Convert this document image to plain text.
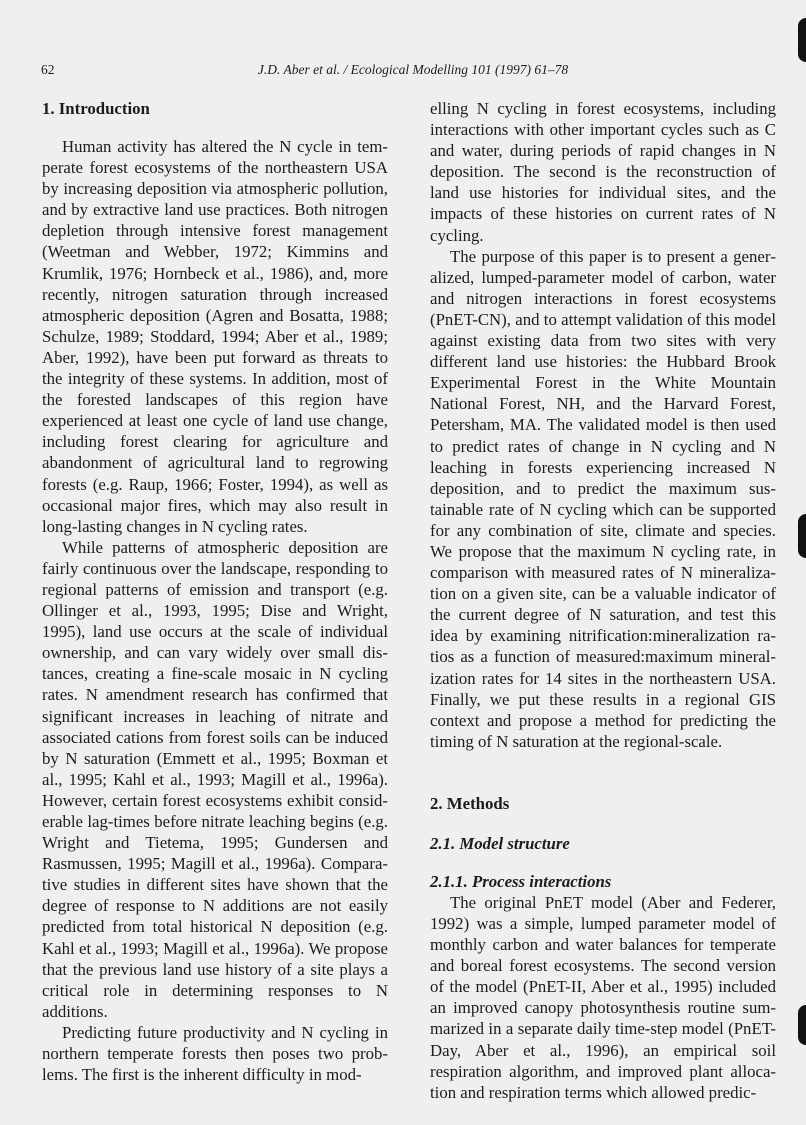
62	J.D. Aber et al. / Ecological Modelling 101 (1997) 61–78
1. Introduction

Human activity has altered the N cycle in temperate forest ecosystems of the northeastern USA by increasing deposition via atmospheric pollution, and by extractive land use practices. Both nitrogen depletion through intensive forest management (Weetman and Webber, 1972; Kimmins and Krumlik, 1976; Hornbeck et al., 1986), and, more recently, nitrogen saturation through increased atmospheric deposition (Agren and Bosatta, 1988; Schulze, 1989; Stoddard, 1994; Aber et al., 1989; Aber, 1992), have been put forward as threats to the integrity of these systems. In addition, most of the forested landscapes of this region have experienced at least one cycle of land use change, including forest clearing for agriculture and abandonment of agricultural land to regrowing forests (e.g. Raup, 1966; Foster, 1994), as well as occasional major fires, which may also result in long-lasting changes in N cycling rates.

While patterns of atmospheric deposition are fairly continuous over the landscape, responding to regional patterns of emission and transport (e.g. Ollinger et al., 1993, 1995; Dise and Wright, 1995), land use occurs at the scale of individual ownership, and can vary widely over small distances, creating a fine-scale mosaic in N cycling rates. N amendment research has confirmed that significant increases in leaching of nitrate and associated cations from forest soils can be induced by N saturation (Emmett et al., 1995; Boxman et al., 1995; Kahl et al., 1993; Magill et al., 1996a). However, certain forest ecosystems exhibit considerable lag-times before nitrate leaching begins (e.g. Wright and Tietema, 1995; Gundersen and Rasmussen, 1995; Magill et al., 1996a). Comparative studies in different sites have shown that the degree of response to N additions are not easily predicted from total historical N deposition (e.g. Kahl et al., 1993; Magill et al., 1996a). We propose that the previous land use history of a site plays a critical role in determining responses to N additions.

Predicting future productivity and N cycling in northern temperate forests then poses two problems. The first is the inherent difficulty in mod-

elling N cycling in forest ecosystems, including interactions with other important cycles such as C and water, during periods of rapid changes in N deposition. The second is the reconstruction of land use histories for individual sites, and the impacts of these histories on current rates of N cycling.

The purpose of this paper is to present a generalized, lumped-parameter model of carbon, water and nitrogen interactions in forest ecosystems (PnET-CN), and to attempt validation of this model against existing data from two sites with very different land use histories: the Hubbard Brook Experimental Forest in the White Mountain National Forest, NH, and the Harvard Forest, Petersham, MA. The validated model is then used to predict rates of change in N cycling and N leaching in forests experiencing increased N deposition, and to predict the maximum sustainable rate of N cycling which can be supported for any combination of site, climate and species. We propose that the maximum N cycling rate, in comparison with measured rates of N mineralization on a given site, can be a valuable indicator of the current degree of N saturation, and test this idea by examining nitrification:mineralization ratios as a function of measured:maximum mineralization rates for 14 sites in the northeastern USA. Finally, we put these results in a regional GIS context and propose a method for predicting the timing of N saturation at the regional-scale.

2. Methods
2.1. Model structure
2.1.1. Process interactions

The original PnET model (Aber and Federer, 1992) was a simple, lumped parameter model of monthly carbon and water balances for temperate and boreal forest ecosystems. The second version of the model (PnET-II, Aber et al., 1995) included an improved canopy photosynthesis routine summarized in a separate daily time-step model (PnET-Day, Aber et al., 1996), an empirical soil respiration algorithm, and improved plant allocation and respiration terms which allowed predic-
